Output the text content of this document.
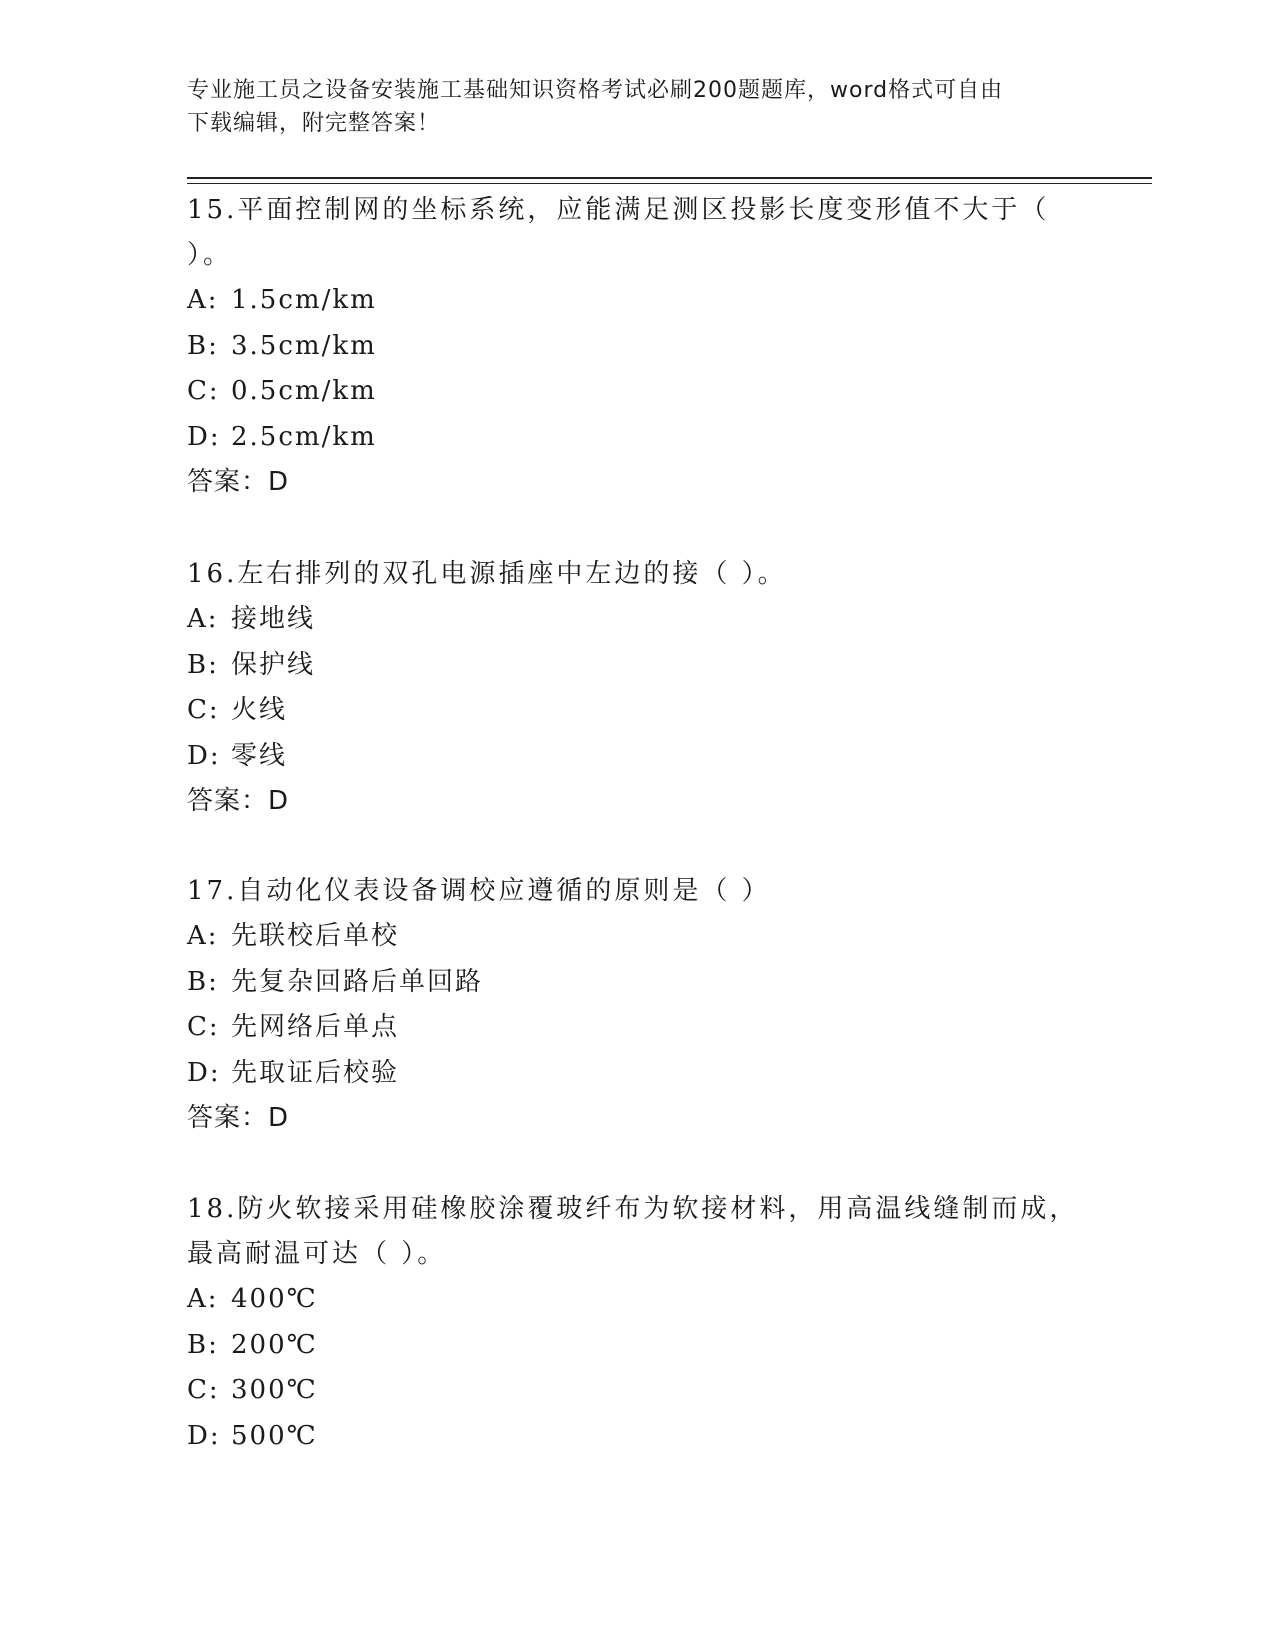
专业施工员之设备安装施工基础知识资格考试必刷200题题库，word格式可自由
下载编辑，附完整答案！
15.平面控制网的坐标系统，应能满足测区投影长度变形值不大于（
）。
A: 1.5cm/km
B: 3.5cm/km
C: 0.5cm/km
D: 2.5cm/km
答案：D
16.左右排列的双孔电源插座中左边的接（ ）。
A: 接地线
B: 保护线
C: 火线
D: 零线
答案：D
17.自动化仪表设备调校应遵循的原则是（ ）
A: 先联校后单校
B: 先复杂回路后单回路
C: 先网络后单点
D: 先取证后校验
答案：D
18.防火软接采用硅橡胶涂覆玻纤布为软接材料，用高温线缝制而成，
最高耐温可达（ ）。
A: 400℃
B: 200℃
C: 300℃
D: 500℃
